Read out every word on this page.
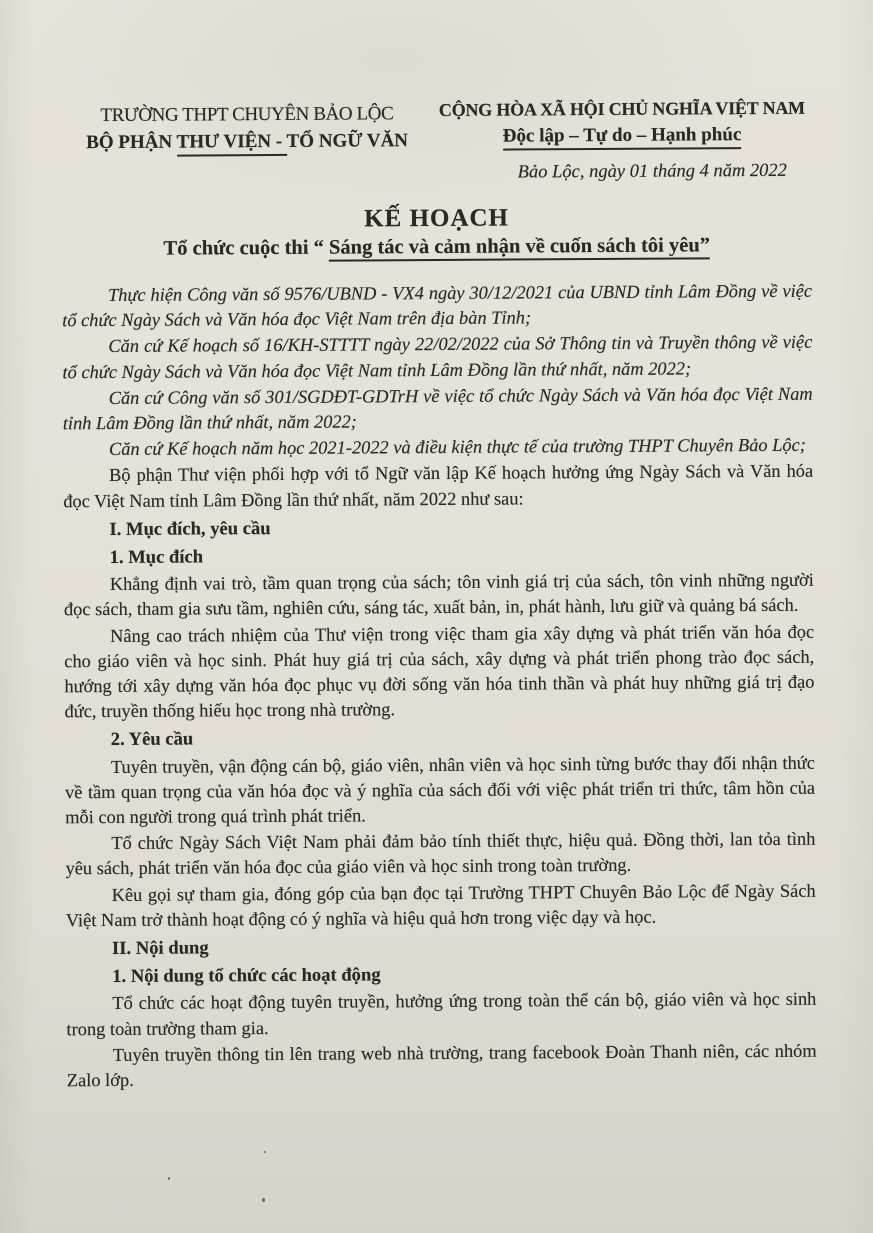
TRƯỜNG THPT CHUYÊN BẢO LỘC
BỘ PHẬN THƯ VIỆN - TỔ NGỮ VĂN
CỘNG HÒA XÃ HỘI CHỦ NGHĨA VIỆT NAM
Độc lập – Tự do – Hạnh phúc
Bảo Lộc, ngày 01 tháng 4 năm 2022
KẾ HOẠCH
Tổ chức cuộc thi “ Sáng tác và cảm nhận về cuốn sách tôi yêu”

Thực hiện Công văn số 9576/UBND - VX4 ngày 30/12/2021 của UBND tỉnh Lâm Đồng về việc tổ chức Ngày Sách và Văn hóa đọc Việt Nam trên địa bàn Tỉnh;

Căn cứ Kế hoạch số 16/KH-STTTT ngày 22/02/2022 của Sở Thông tin và Truyền thông về việc tổ chức Ngày Sách và Văn hóa đọc Việt Nam tỉnh Lâm Đồng lần thứ nhất, năm 2022;

Căn cứ Công văn số 301/SGDĐT-GDTrH về việc tổ chức Ngày Sách và Văn hóa đọc Việt Nam tỉnh Lâm Đồng lần thứ nhất, năm 2022;

Căn cứ Kế hoạch năm học 2021-2022 và điều kiện thực tế của trường THPT Chuyên Bảo Lộc;

Bộ phận Thư viện phối hợp với tổ Ngữ văn lập Kế hoạch hưởng ứng Ngày Sách và Văn hóa đọc Việt Nam tỉnh Lâm Đồng lần thứ nhất, năm 2022 như sau:

I. Mục đích, yêu cầu

1. Mục đích

Khẳng định vai trò, tầm quan trọng của sách; tôn vinh giá trị của sách, tôn vinh những người đọc sách, tham gia sưu tầm, nghiên cứu, sáng tác, xuất bản, in, phát hành, lưu giữ và quảng bá sách.

Nâng cao trách nhiệm của Thư viện trong việc tham gia xây dựng và phát triển văn hóa đọc cho giáo viên và học sinh. Phát huy giá trị của sách, xây dựng và phát triển phong trào đọc sách, hướng tới xây dựng văn hóa đọc phục vụ đời sống văn hóa tinh thần và phát huy những giá trị đạo đức, truyền thống hiếu học trong nhà trường.

2. Yêu cầu

Tuyên truyền, vận động cán bộ, giáo viên, nhân viên và học sinh từng bước thay đổi nhận thức về tầm quan trọng của văn hóa đọc và ý nghĩa của sách đối với việc phát triển tri thức, tâm hồn của mỗi con người trong quá trình phát triển.

Tổ chức Ngày Sách Việt Nam phải đảm bảo tính thiết thực, hiệu quả. Đồng thời, lan tỏa tình yêu sách, phát triển văn hóa đọc của giáo viên và học sinh trong toàn trường.

Kêu gọi sự tham gia, đóng góp của bạn đọc tại Trường THPT Chuyên Bảo Lộc để Ngày Sách Việt Nam trở thành hoạt động có ý nghĩa và hiệu quả hơn trong việc dạy và học.

II. Nội dung

1. Nội dung tổ chức các hoạt động

Tổ chức các hoạt động tuyên truyền, hưởng ứng trong toàn thể cán bộ, giáo viên và học sinh trong toàn trường tham gia.

Tuyên truyền thông tin lên trang web nhà trường, trang facebook Đoàn Thanh niên, các nhóm Zalo lớp.
